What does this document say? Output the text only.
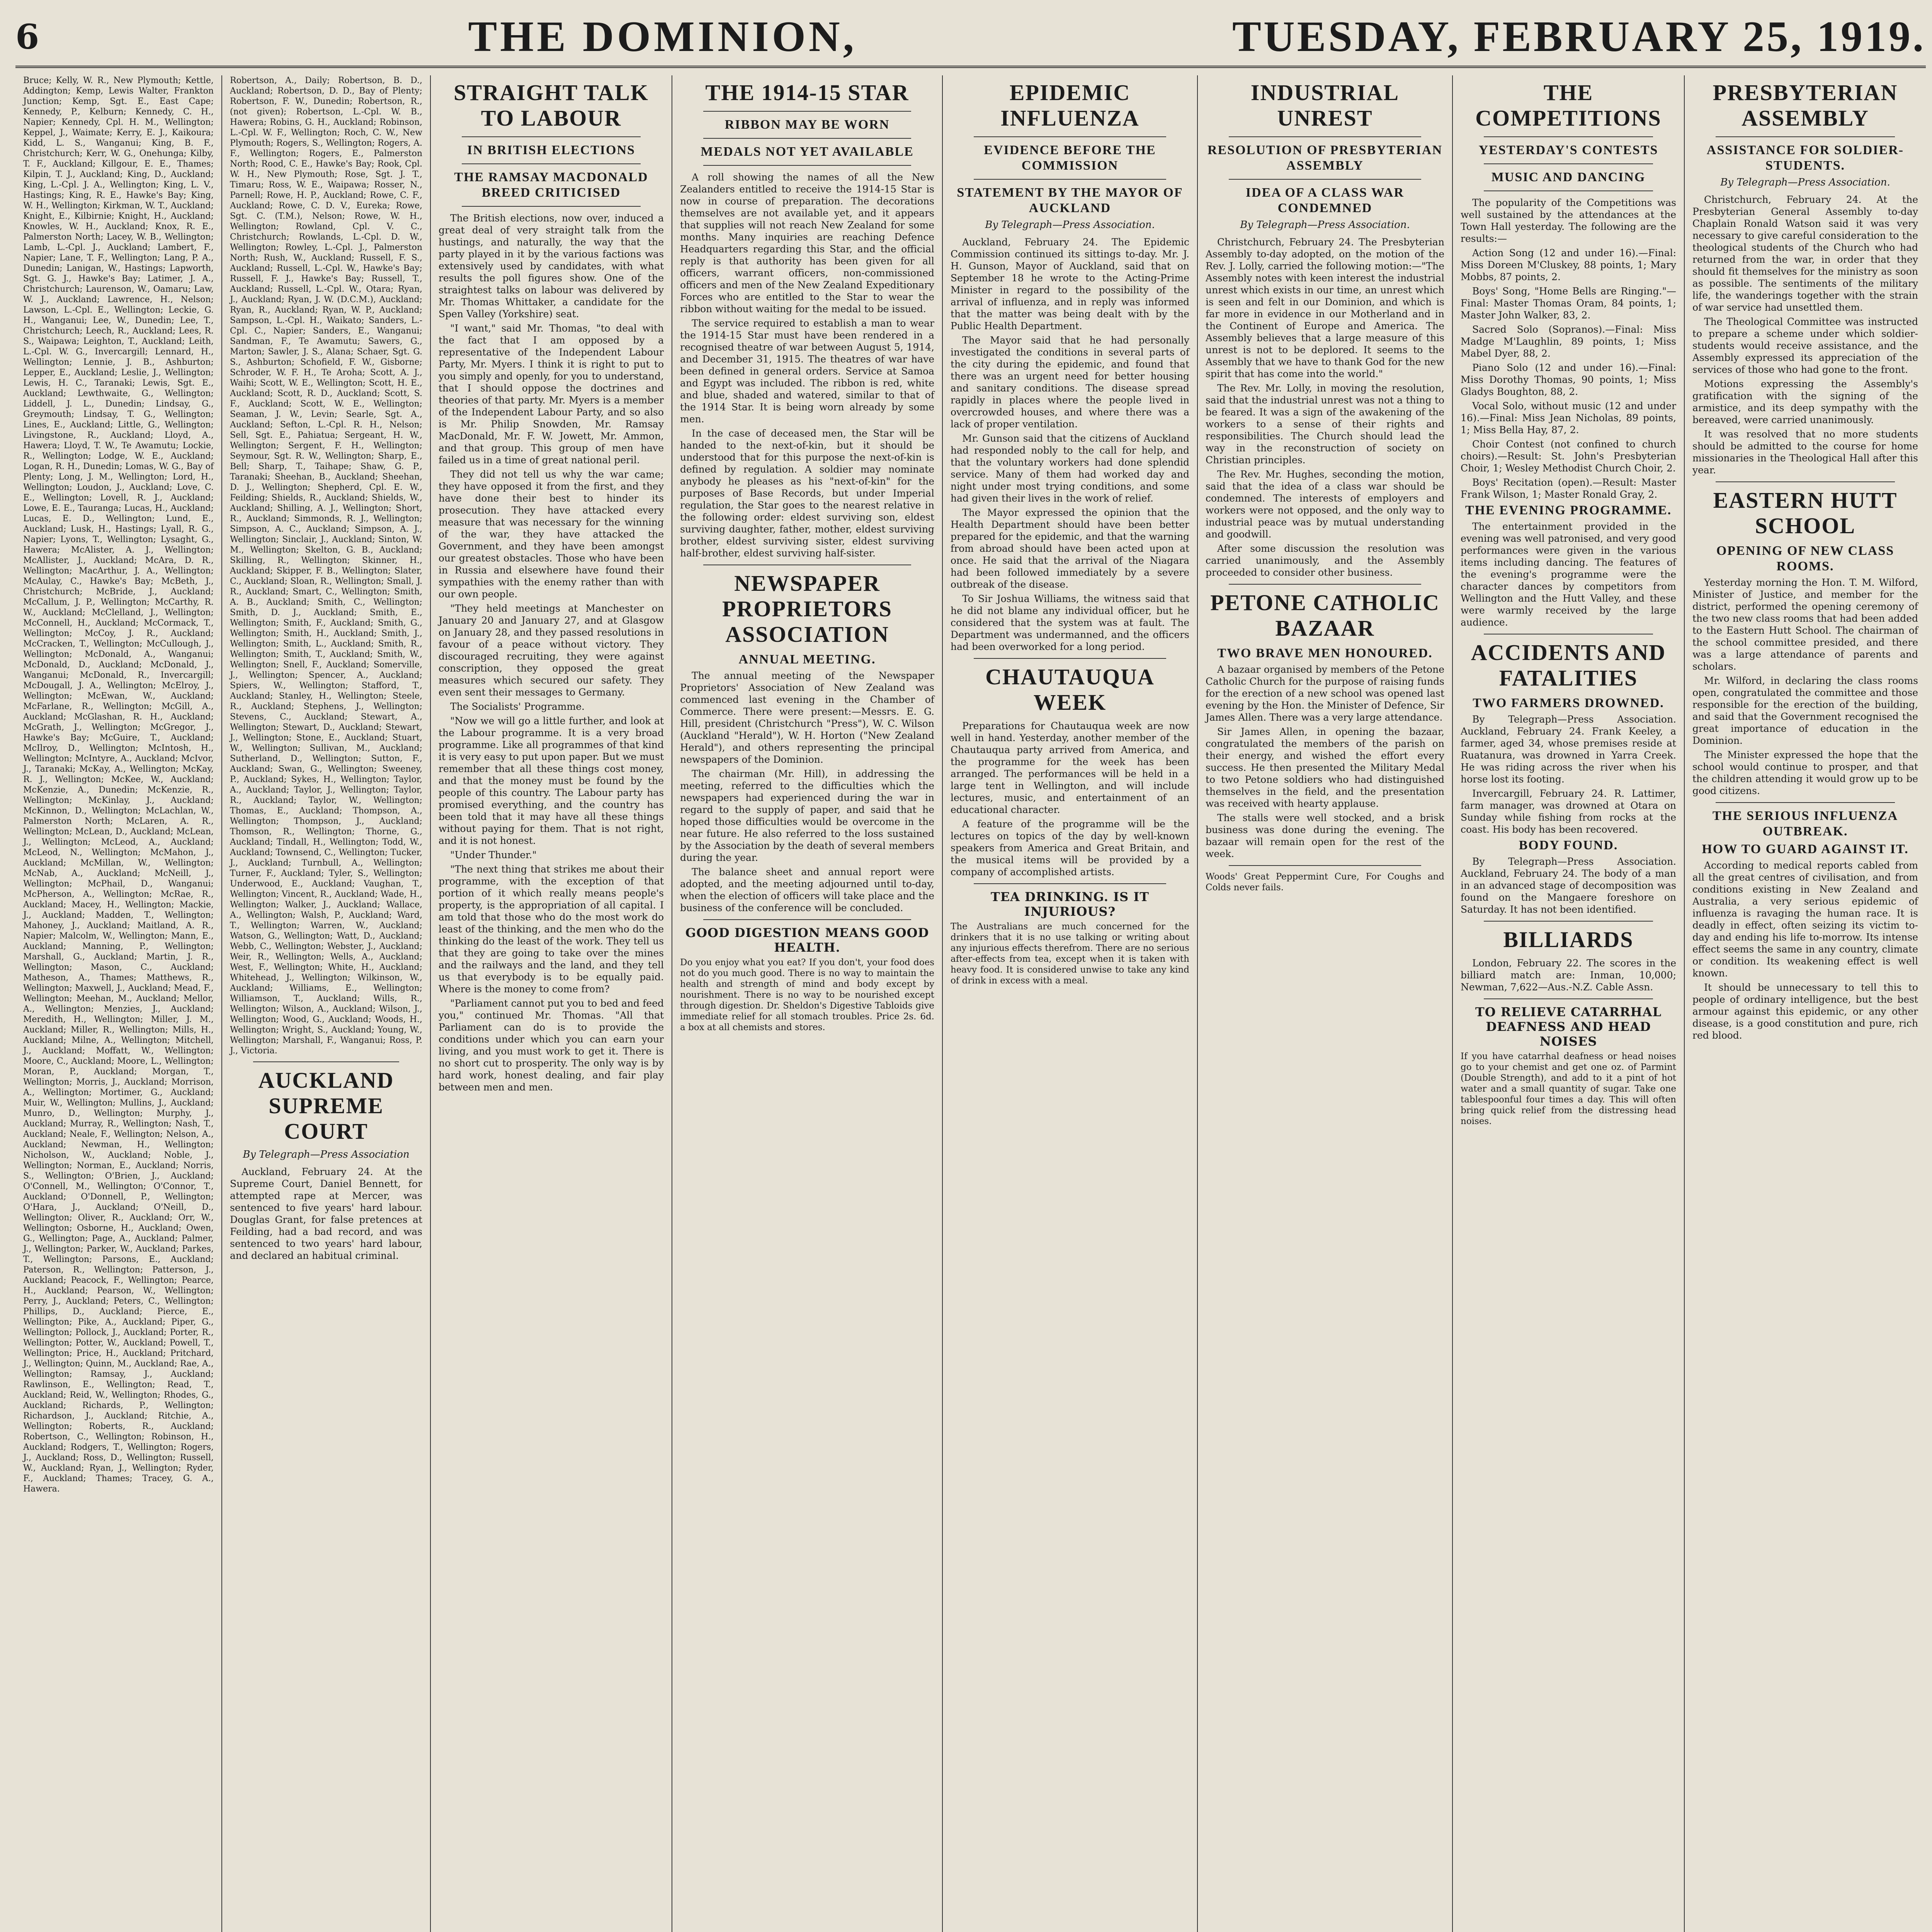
6	THE DOMINION,	TUESDAY, FEBRUARY 25, 1919.

Bruce; Kelly, W. R., New Plymouth; Kettle, Addington; Kemp, Lewis Walter, Frankton Junction; Kemp, Sgt. E., East Cape; Kennedy, P., Kelburn; Kennedy, C. H., Napier; Kennedy, Cpl. H. M., Wellington; Keppel, J., Waimate; Kerry, E. J., Kaikoura; Kidd, L. S., Wanganui; King, B. F., Christchurch; Kerr, W. G., Onehunga; Kilby, T. F., Auckland; Killgour, E. E., Thames; Kilpin, T. J., Auckland; King, D., Auckland; King, L.-Cpl. J. A., Wellington; King, L. V., Hastings; King, R. E., Hawke's Bay; King, W. H., Wellington; Kirkman, W. T., Auckland; Knight, E., Kilbirnie; Knight, H., Auckland; Knowles, W. H., Auckland; Knox, R. E., Palmerston North; Lacey, W. B., Wellington; Lamb, L.-Cpl. J., Auckland; Lambert, F., Napier; Lane, T. F., Wellington; Lang, P. A., Dunedin; Lanigan, W., Hastings; Lapworth, Sgt. G. J., Hawke's Bay; Latimer, J. A., Christchurch; Laurenson, W., Oamaru; Law, W. J., Auckland; Lawrence, H., Nelson; Lawson, L.-Cpl. E., Wellington; Leckie, G. H., Wanganui; Lee, W., Dunedin; Lee, T., Christchurch; Leech, R., Auckland; Lees, R. S., Waipawa; Leighton, T., Auckland; Leith, L.-Cpl. W. G., Invercargill; Lennard, H., Wellington; Lennie, J. B., Ashburton; Lepper, E., Auckland; Leslie, J., Wellington; Lewis, H. C., Taranaki; Lewis, Sgt. E., Auckland; Lewthwaite, G., Wellington; Liddell, J. L., Dunedin; Lindsay, G., Greymouth; Lindsay, T. G., Wellington; Lines, E., Auckland; Little, G., Wellington; Livingstone, R., Auckland; Lloyd, A., Hawera; Lloyd, T. W., Te Awamutu; Lockie, R., Wellington; Lodge, W. E., Auckland; Logan, R. H., Dunedin; Lomas, W. G., Bay of Plenty; Long, J. M., Wellington; Lord, H., Wellington; Loudon, J., Auckland; Love, C. E., Wellington; Lovell, R. J., Auckland; Lowe, E. E., Tauranga; Lucas, H., Auckland; Lucas, E. D., Wellington; Lund, E., Auckland; Lusk, H., Hastings; Lyall, R. G., Napier; Lyons, T., Wellington; Lysaght, G., Hawera; McAlister, A. J., Wellington; McAllister, J., Auckland; McAra, D. R., Wellington; MacArthur, J. A., Wellington; McAulay, C., Hawke's Bay; McBeth, J., Christchurch; McBride, J., Auckland; McCallum, J. P., Wellington; McCarthy, R. W., Auckland; McClelland, J., Wellington; McConnell, H., Auckland; McCormack, T., Wellington; McCoy, J. R., Auckland; McCracken, T., Wellington; McCullough, J., Wellington; McDonald, A., Wanganui; McDonald, D., Auckland; McDonald, J., Wanganui; McDonald, R., Invercargill; McDougall, J. A., Wellington; McElroy, J., Wellington; McEwan, W., Auckland; McFarlane, R., Wellington; McGill, A., Auckland; McGlashan, R. H., Auckland; McGrath, J., Wellington; McGregor, J., Hawke's Bay; McGuire, T., Auckland; McIlroy, D., Wellington; McIntosh, H., Wellington; McIntyre, A., Auckland; McIvor, J., Taranaki; McKay, A., Wellington; McKay, R. J., Wellington; McKee, W., Auckland; McKenzie, A., Dunedin; McKenzie, R., Wellington; McKinlay, J., Auckland; McKinnon, D., Wellington; McLachlan, W., Palmerston North; McLaren, A. R., Wellington; McLean, D., Auckland; McLean, J., Wellington; McLeod, A., Auckland; McLeod, N., Wellington; McMahon, J., Auckland; McMillan, W., Wellington; McNab, A., Auckland; McNeill, J., Wellington; McPhail, D., Wanganui; McPherson, A., Wellington; McRae, R., Auckland; Macey, H., Wellington; Mackie, J., Auckland; Madden, T., Wellington; Mahoney, J., Auckland; Maitland, A. R., Napier; Malcolm, W., Wellington; Mann, E., Auckland; Manning, P., Wellington; Marshall, G., Auckland; Martin, J. R., Wellington; Mason, C., Auckland; Matheson, A., Thames; Matthews, R., Wellington; Maxwell, J., Auckland; Mead, F., Wellington; Meehan, M., Auckland; Mellor, A., Wellington; Menzies, J., Auckland; Meredith, H., Wellington; Miller, J. M., Auckland; Miller, R., Wellington; Mills, H., Auckland; Milne, A., Wellington; Mitchell, J., Auckland; Moffatt, W., Wellington; Moore, C., Auckland; Moore, L., Wellington; Moran, P., Auckland; Morgan, T., Wellington; Morris, J., Auckland; Morrison, A., Wellington; Mortimer, G., Auckland; Muir, W., Wellington; Mullins, J., Auckland; Munro, D., Wellington; Murphy, J., Auckland; Murray, R., Wellington; Nash, T., Auckland; Neale, F., Wellington; Nelson, A., Auckland; Newman, H., Wellington; Nicholson, W., Auckland; Noble, J., Wellington; Norman, E., Auckland; Norris, S., Wellington; O'Brien, J., Auckland; O'Connell, M., Wellington; O'Connor, T., Auckland; O'Donnell, P., Wellington; O'Hara, J., Auckland; O'Neill, D., Wellington; Oliver, R., Auckland; Orr, W., Wellington; Osborne, H., Auckland; Owen, G., Wellington; Page, A., Auckland; Palmer, J., Wellington; Parker, W., Auckland; Parkes, T., Wellington; Parsons, E., Auckland; Paterson, R., Wellington; Patterson, J., Auckland; Peacock, F., Wellington; Pearce, H., Auckland; Pearson, W., Wellington; Perry, J., Auckland; Peters, C., Wellington; Phillips, D., Auckland; Pierce, E., Wellington; Pike, A., Auckland; Piper, G., Wellington; Pollock, J., Auckland; Porter, R., Wellington; Potter, W., Auckland; Powell, T., Wellington; Price, H., Auckland; Pritchard, J., Wellington; Quinn, M., Auckland; Rae, A., Wellington; Ramsay, J., Auckland; Rawlinson, E., Wellington; Read, T., Auckland; Reid, W., Wellington; Rhodes, G., Auckland; Richards, P., Wellington; Richardson, J., Auckland; Ritchie, A., Wellington; Roberts, R., Auckland; Robertson, C., Wellington; Robinson, H., Auckland; Rodgers, T., Wellington; Rogers, J., Auckland; Ross, D., Wellington; Russell, W., Auckland; Ryan, J., Wellington; Ryder, F., Auckland; Thames; Tracey, G. A., Hawera.

Robertson, A., Daily; Robertson, B. D., Auckland; Robertson, D. D., Bay of Plenty; Robertson, F. W., Dunedin; Robertson, R., (not given); Robertson, L.-Cpl. W. B., Hawera; Robins, G. H., Auckland; Robinson, L.-Cpl. W. F., Wellington; Roch, C. W., New Plymouth; Rogers, S., Wellington; Rogers, A. F., Wellington; Rogers, E., Palmerston North; Rood, C. E., Hawke's Bay; Rook, Cpl. W. H., New Plymouth; Rose, Sgt. J. T., Timaru; Ross, W. E., Waipawa; Rosser, N., Parnell; Rowe, H. P., Auckland; Rowe, C. F., Auckland; Rowe, C. D. V., Eureka; Rowe, Sgt. C. (T.M.), Nelson; Rowe, W. H., Wellington; Rowland, Cpl. V. C., Christchurch; Rowlands, L.-Cpl. D. W., Wellington; Rowley, L.-Cpl. J., Palmerston North; Rush, W., Auckland; Russell, F. S., Auckland; Russell, L.-Cpl. W., Hawke's Bay; Russell, F. J., Hawke's Bay; Russell, T., Auckland; Russell, L.-Cpl. W., Otara; Ryan, J., Auckland; Ryan, J. W. (D.C.M.), Auckland; Ryan, R., Auckland; Ryan, W. P., Auckland; Sampson, L.-Cpl. H., Waikato; Sanders, L.-Cpl. C., Napier; Sanders, E., Wanganui; Sandman, F., Te Awamutu; Sawers, G., Marton; Sawler, J. S., Alana; Schaer, Sgt. G. S., Ashburton; Schofield, F. W., Gisborne; Schroder, W. F. H., Te Aroha; Scott, A. J., Waihi; Scott, W. E., Wellington; Scott, H. E., Auckland; Scott, R. D., Auckland; Scott, S. F., Auckland; Scott, W. E., Wellington; Seaman, J. W., Levin; Searle, Sgt. A., Auckland; Sefton, L.-Cpl. R. H., Nelson; Sell, Sgt. E., Pahiatua; Sergeant, H. W., Wellington; Sergent, F. H., Wellington; Seymour, Sgt. R. W., Wellington; Sharp, E., Bell; Sharp, T., Taihape; Shaw, G. P., Taranaki; Sheehan, B., Auckland; Sheehan, D. J., Wellington; Shepherd, Cpl. E. W., Feilding; Shields, R., Auckland; Shields, W., Auckland; Shilling, A. J., Wellington; Short, R., Auckland; Simmonds, R. J., Wellington; Simpson, A. C., Auckland; Simpson, A. J., Wellington; Sinclair, J., Auckland; Sinton, W. M., Wellington; Skelton, G. B., Auckland; Skilling, R., Wellington; Skinner, H., Auckland; Skipper, F. B., Wellington; Slater, C., Auckland; Sloan, R., Wellington; Small, J. R., Auckland; Smart, C., Wellington; Smith, A. B., Auckland; Smith, C., Wellington; Smith, D. J., Auckland; Smith, E., Wellington; Smith, F., Auckland; Smith, G., Wellington; Smith, H., Auckland; Smith, J., Wellington; Smith, L., Auckland; Smith, R., Wellington; Smith, T., Auckland; Smith, W., Wellington; Snell, F., Auckland; Somerville, J., Wellington; Spencer, A., Auckland; Spiers, W., Wellington; Stafford, T., Auckland; Stanley, H., Wellington; Steele, R., Auckland; Stephens, J., Wellington; Stevens, C., Auckland; Stewart, A., Wellington; Stewart, D., Auckland; Stewart, J., Wellington; Stone, E., Auckland; Stuart, W., Wellington; Sullivan, M., Auckland; Sutherland, D., Wellington; Sutton, F., Auckland; Swan, G., Wellington; Sweeney, P., Auckland; Sykes, H., Wellington; Taylor, A., Auckland; Taylor, J., Wellington; Taylor, R., Auckland; Taylor, W., Wellington; Thomas, E., Auckland; Thompson, A., Wellington; Thompson, J., Auckland; Thomson, R., Wellington; Thorne, G., Auckland; Tindall, H., Wellington; Todd, W., Auckland; Townsend, C., Wellington; Tucker, J., Auckland; Turnbull, A., Wellington; Turner, F., Auckland; Tyler, S., Wellington; Underwood, E., Auckland; Vaughan, T., Wellington; Vincent, R., Auckland; Wade, H., Wellington; Walker, J., Auckland; Wallace, A., Wellington; Walsh, P., Auckland; Ward, T., Wellington; Warren, W., Auckland; Watson, G., Wellington; Watt, D., Auckland; Webb, C., Wellington; Webster, J., Auckland; Weir, R., Wellington; Wells, A., Auckland; West, F., Wellington; White, H., Auckland; Whitehead, J., Wellington; Wilkinson, W., Auckland; Williams, E., Wellington; Williamson, T., Auckland; Wills, R., Wellington; Wilson, A., Auckland; Wilson, J., Wellington; Wood, G., Auckland; Woods, H., Wellington; Wright, S., Auckland; Young, W., Wellington; Marshall, F., Wanganui; Ross, P. J., Victoria.

AUCKLAND SUPREME COURT
By Telegraph—Press Association

Auckland, February 24. At the Supreme Court, Daniel Bennett, for attempted rape at Mercer, was sentenced to five years' hard labour. Douglas Grant, for false pretences at Feilding, had a bad record, and was sentenced to two years' hard labour, and declared an habitual criminal.

STRAIGHT TALK TO LABOUR
IN BRITISH ELECTIONS
THE RAMSAY MACDONALD BREED CRITICISED

The British elections, now over, induced a great deal of very straight talk from the hustings, and naturally, the way that the party played in it by the various factions was extensively used by candidates, with what results the poll figures show. One of the straightest talks on labour was delivered by Mr. Thomas Whittaker, a candidate for the Spen Valley (Yorkshire) seat.

"I want," said Mr. Thomas, "to deal with the fact that I am opposed by a representative of the Independent Labour Party, Mr. Myers. I think it is right to put to you simply and openly, for you to understand, that I should oppose the doctrines and theories of that party. Mr. Myers is a member of the Independent Labour Party, and so also is Mr. Philip Snowden, Mr. Ramsay MacDonald, Mr. F. W. Jowett, Mr. Ammon, and that group. This group of men have failed us in a time of great national peril.

They did not tell us why the war came; they have opposed it from the first, and they have done their best to hinder its prosecution. They have attacked every measure that was necessary for the winning of the war, they have attacked the Government, and they have been amongst our greatest obstacles. Those who have been in Russia and elsewhere have found their sympathies with the enemy rather than with our own people.

"They held meetings at Manchester on January 20 and January 27, and at Glasgow on January 28, and they passed resolutions in favour of a peace without victory. They discouraged recruiting, they were against conscription, they opposed the great measures which secured our safety. They even sent their messages to Germany.

The Socialists' Programme.

"Now we will go a little further, and look at the Labour programme. It is a very broad programme. Like all programmes of that kind it is very easy to put upon paper. But we must remember that all these things cost money, and that the money must be found by the people of this country. The Labour party has promised everything, and the country has been told that it may have all these things without paying for them. That is not right, and it is not honest.

"Under Thunder."

"The next thing that strikes me about their programme, with the exception of that portion of it which really means people's property, is the appropriation of all capital. I am told that those who do the most work do least of the thinking, and the men who do the thinking do the least of the work. They tell us that they are going to take over the mines and the railways and the land, and they tell us that everybody is to be equally paid. Where is the money to come from?

"Parliament cannot put you to bed and feed you," continued Mr. Thomas. "All that Parliament can do is to provide the conditions under which you can earn your living, and you must work to get it. There is no short cut to prosperity. The only way is by hard work, honest dealing, and fair play between men and men.

THE 1914-15 STAR
RIBBON MAY BE WORN
MEDALS NOT YET AVAILABLE

A roll showing the names of all the New Zealanders entitled to receive the 1914-15 Star is now in course of preparation. The decorations themselves are not available yet, and it appears that supplies will not reach New Zealand for some months. Many inquiries are reaching Defence Headquarters regarding this Star, and the official reply is that authority has been given for all officers, warrant officers, non-commissioned officers and men of the New Zealand Expeditionary Forces who are entitled to the Star to wear the ribbon without waiting for the medal to be issued.

The service required to establish a man to wear the 1914-15 Star must have been rendered in a recognised theatre of war between August 5, 1914, and December 31, 1915. The theatres of war have been defined in general orders. Service at Samoa and Egypt was included. The ribbon is red, white and blue, shaded and watered, similar to that of the 1914 Star. It is being worn already by some men.

In the case of deceased men, the Star will be handed to the next-of-kin, but it should be understood that for this purpose the next-of-kin is defined by regulation. A soldier may nominate anybody he pleases as his "next-of-kin" for the purposes of Base Records, but under Imperial regulation, the Star goes to the nearest relative in the following order: eldest surviving son, eldest surviving daughter, father, mother, eldest surviving brother, eldest surviving sister, eldest surviving half-brother, eldest surviving half-sister.

NEWSPAPER PROPRIETORS ASSOCIATION
ANNUAL MEETING.

The annual meeting of the Newspaper Proprietors' Association of New Zealand was commenced last evening in the Chamber of Commerce. There were present:—Messrs. E. G. Hill, president (Christchurch "Press"), W. C. Wilson (Auckland "Herald"), W. H. Horton ("New Zealand Herald"), and others representing the principal newspapers of the Dominion.

The chairman (Mr. Hill), in addressing the meeting, referred to the difficulties which the newspapers had experienced during the war in regard to the supply of paper, and said that he hoped those difficulties would be overcome in the near future. He also referred to the loss sustained by the Association by the death of several members during the year.

The balance sheet and annual report were adopted, and the meeting adjourned until to-day, when the election of officers will take place and the business of the conference will be concluded.

GOOD DIGESTION MEANS GOOD HEALTH.

Do you enjoy what you eat? If you don't, your food does not do you much good. There is no way to maintain the health and strength of mind and body except by nourishment. There is no way to be nourished except through digestion. Dr. Sheldon's Digestive Tabloids give immediate relief for all stomach troubles. Price 2s. 6d. a box at all chemists and stores.

EPIDEMIC INFLUENZA
EVIDENCE BEFORE THE COMMISSION
STATEMENT BY THE MAYOR OF AUCKLAND
By Telegraph—Press Association.

Auckland, February 24. The Epidemic Commission continued its sittings to-day. Mr. J. H. Gunson, Mayor of Auckland, said that on September 18 he wrote to the Acting-Prime Minister in regard to the possibility of the arrival of influenza, and in reply was informed that the matter was being dealt with by the Public Health Department.

The Mayor said that he had personally investigated the conditions in several parts of the city during the epidemic, and found that there was an urgent need for better housing and sanitary conditions. The disease spread rapidly in places where the people lived in overcrowded houses, and where there was a lack of proper ventilation.

Mr. Gunson said that the citizens of Auckland had responded nobly to the call for help, and that the voluntary workers had done splendid service. Many of them had worked day and night under most trying conditions, and some had given their lives in the work of relief.

The Mayor expressed the opinion that the Health Department should have been better prepared for the epidemic, and that the warning from abroad should have been acted upon at once. He said that the arrival of the Niagara had been followed immediately by a severe outbreak of the disease.

To Sir Joshua Williams, the witness said that he did not blame any individual officer, but he considered that the system was at fault. The Department was undermanned, and the officers had been overworked for a long period.

CHAUTAUQUA WEEK

Preparations for Chautauqua week are now well in hand. Yesterday, another member of the Chautauqua party arrived from America, and the programme for the week has been arranged. The performances will be held in a large tent in Wellington, and will include lectures, music, and entertainment of an educational character.

A feature of the programme will be the lectures on topics of the day by well-known speakers from America and Great Britain, and the musical items will be provided by a company of accomplished artists.

TEA DRINKING. IS IT INJURIOUS?

The Australians are much concerned for the drinkers that it is no use talking or writing about any injurious effects therefrom. There are no serious after-effects from tea, except when it is taken with heavy food. It is considered unwise to take any kind of drink in excess with a meal.

INDUSTRIAL UNREST
RESOLUTION OF PRESBYTERIAN ASSEMBLY
IDEA OF A CLASS WAR CONDEMNED
By Telegraph—Press Association.

Christchurch, February 24. The Presbyterian Assembly to-day adopted, on the motion of the Rev. J. Lolly, carried the following motion:—"The Assembly notes with keen interest the industrial unrest which exists in our time, an unrest which is seen and felt in our Dominion, and which is far more in evidence in our Motherland and in the Continent of Europe and America. The Assembly believes that a large measure of this unrest is not to be deplored. It seems to the Assembly that we have to thank God for the new spirit that has come into the world."

The Rev. Mr. Lolly, in moving the resolution, said that the industrial unrest was not a thing to be feared. It was a sign of the awakening of the workers to a sense of their rights and responsibilities. The Church should lead the way in the reconstruction of society on Christian principles.

The Rev. Mr. Hughes, seconding the motion, said that the idea of a class war should be condemned. The interests of employers and workers were not opposed, and the only way to industrial peace was by mutual understanding and goodwill.

After some discussion the resolution was carried unanimously, and the Assembly proceeded to consider other business.

PETONE CATHOLIC BAZAAR
TWO BRAVE MEN HONOURED.

A bazaar organised by members of the Petone Catholic Church for the purpose of raising funds for the erection of a new school was opened last evening by the Hon. the Minister of Defence, Sir James Allen. There was a very large attendance.

Sir James Allen, in opening the bazaar, congratulated the members of the parish on their energy, and wished the effort every success. He then presented the Military Medal to two Petone soldiers who had distinguished themselves in the field, and the presentation was received with hearty applause.

The stalls were well stocked, and a brisk business was done during the evening. The bazaar will remain open for the rest of the week.

Woods' Great Peppermint Cure, For Coughs and Colds never fails.

THE COMPETITIONS
YESTERDAY'S CONTESTS
MUSIC AND DANCING

The popularity of the Competitions was well sustained by the attendances at the Town Hall yesterday. The following are the results:—

Action Song (12 and under 16).—Final: Miss Doreen M'Cluskey, 88 points, 1; Mary Mobbs, 87 points, 2.

Boys' Song, "Home Bells are Ringing."—Final: Master Thomas Oram, 84 points, 1; Master John Walker, 83, 2.

Sacred Solo (Sopranos).—Final: Miss Madge M'Laughlin, 89 points, 1; Miss Mabel Dyer, 88, 2.

Piano Solo (12 and under 16).—Final: Miss Dorothy Thomas, 90 points, 1; Miss Gladys Boughton, 88, 2.

Vocal Solo, without music (12 and under 16).—Final: Miss Jean Nicholas, 89 points, 1; Miss Bella Hay, 87, 2.

Choir Contest (not confined to church choirs).—Result: St. John's Presbyterian Choir, 1; Wesley Methodist Church Choir, 2.

Boys' Recitation (open).—Result: Master Frank Wilson, 1; Master Ronald Gray, 2.

THE EVENING PROGRAMME.

The entertainment provided in the evening was well patronised, and very good performances were given in the various items including dancing. The features of the evening's programme were the character dances by competitors from Wellington and the Hutt Valley, and these were warmly received by the large audience.

ACCIDENTS AND FATALITIES
TWO FARMERS DROWNED.

By Telegraph—Press Association. Auckland, February 24. Frank Keeley, a farmer, aged 34, whose premises reside at Ruatanura, was drowned in Yarra Creek. He was riding across the river when his horse lost its footing.

Invercargill, February 24. R. Lattimer, farm manager, was drowned at Otara on Sunday while fishing from rocks at the coast. His body has been recovered.

BODY FOUND.

By Telegraph—Press Association. Auckland, February 24. The body of a man in an advanced stage of decomposition was found on the Mangaere foreshore on Saturday. It has not been identified.

BILLIARDS

London, February 22. The scores in the billiard match are: Inman, 10,000; Newman, 7,622—Aus.-N.Z. Cable Assn.

TO RELIEVE CATARRHAL DEAFNESS AND HEAD NOISES

If you have catarrhal deafness or head noises go to your chemist and get one oz. of Parmint (Double Strength), and add to it a pint of hot water and a small quantity of sugar. Take one tablespoonful four times a day. This will often bring quick relief from the distressing head noises.

PRESBYTERIAN ASSEMBLY
ASSISTANCE FOR SOLDIER-STUDENTS.
By Telegraph—Press Association.

Christchurch, February 24. At the Presbyterian General Assembly to-day Chaplain Ronald Watson said it was very necessary to give careful consideration to the theological students of the Church who had returned from the war, in order that they should fit themselves for the ministry as soon as possible. The sentiments of the military life, the wanderings together with the strain of war service had unsettled them.

The Theological Committee was instructed to prepare a scheme under which soldier-students would receive assistance, and the Assembly expressed its appreciation of the services of those who had gone to the front.

Motions expressing the Assembly's gratification with the signing of the armistice, and its deep sympathy with the bereaved, were carried unanimously.

It was resolved that no more students should be admitted to the course for home missionaries in the Theological Hall after this year.

EASTERN HUTT SCHOOL
OPENING OF NEW CLASS ROOMS.

Yesterday morning the Hon. T. M. Wilford, Minister of Justice, and member for the district, performed the opening ceremony of the two new class rooms that had been added to the Eastern Hutt School. The chairman of the school committee presided, and there was a large attendance of parents and scholars.

Mr. Wilford, in declaring the class rooms open, congratulated the committee and those responsible for the erection of the building, and said that the Government recognised the great importance of education in the Dominion.

The Minister expressed the hope that the school would continue to prosper, and that the children attending it would grow up to be good citizens.

THE SERIOUS INFLUENZA OUTBREAK.
HOW TO GUARD AGAINST IT.

According to medical reports cabled from all the great centres of civilisation, and from conditions existing in New Zealand and Australia, a very serious epidemic of influenza is ravaging the human race. It is deadly in effect, often seizing its victim to-day and ending his life to-morrow. Its intense effect seems the same in any country, climate or condition. Its weakening effect is well known.

It should be unnecessary to tell this to people of ordinary intelligence, but the best armour against this epidemic, or any other disease, is a good constitution and pure, rich red blood.
